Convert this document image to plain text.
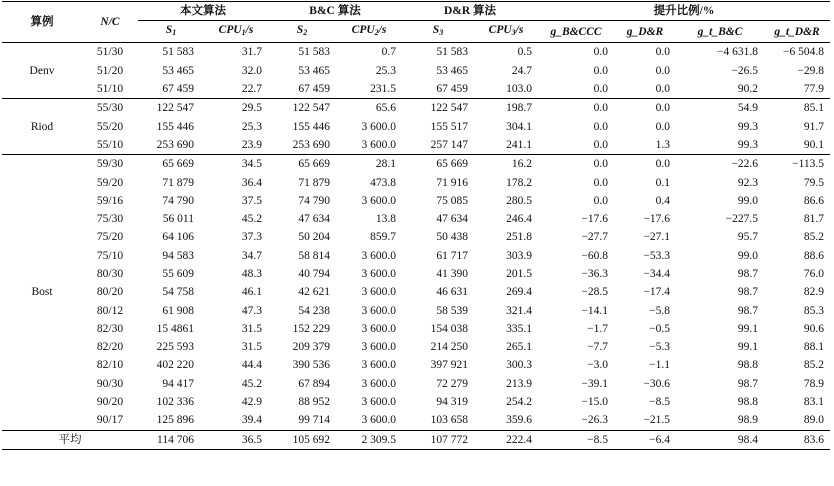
算例	N/C	本文算法		B&C 算法		D&R 算法		提升比例/%			
		$S_1$	$CPU_1/s$	$S_2$	$CPU_2/s$	$S_3$	$CPU_3/s$	g_B&CCC	g_D&R	g_t_B&C	g_t_D&R
Denv	51/30	51 583	31.7	51 583	0.7	51 583	0.5	0.0	0.0	−4 631.8	−6 504.8
	51/20	53 465	32.0	53 465	25.3	53 465	24.7	0.0	0.0	−26.5	−29.8
	51/10	67 459	22.7	67 459	231.5	67 459	103.0	0.0	0.0	90.2	77.9
Riod	55/30	122 547	29.5	122 547	65.6	122 547	198.7	0.0	0.0	54.9	85.1
	55/20	155 446	25.3	155 446	3 600.0	155 517	304.1	0.0	0.0	99.3	91.7
	55/10	253 690	23.9	253 690	3 600.0	257 147	241.1	0.0	1.3	99.3	90.1
Bost	59/30	65 669	34.5	65 669	28.1	65 669	16.2	0.0	0.0	−22.6	−113.5
	59/20	71 879	36.4	71 879	473.8	71 916	178.2	0.0	0.1	92.3	79.5
	59/16	74 790	37.5	74 790	3 600.0	75 085	280.5	0.0	0.4	99.0	86.6
	75/30	56 011	45.2	47 634	13.8	47 634	246.4	−17.6	−17.6	−227.5	81.7
	75/20	64 106	37.3	50 204	859.7	50 438	251.8	−27.7	−27.1	95.7	85.2
	75/10	94 583	34.7	58 814	3 600.0	61 717	303.9	−60.8	−53.3	99.0	88.6
	80/30	55 609	48.3	40 794	3 600.0	41 390	201.5	−36.3	−34.4	98.7	76.0
	80/20	54 758	46.1	42 621	3 600.0	46 631	269.4	−28.5	−17.4	98.7	82.9
	80/12	61 908	47.3	54 238	3 600.0	58 539	321.4	−14.1	−5.8	98.7	85.3
	82/30	15 4861	31.5	152 229	3 600.0	154 038	335.1	−1.7	−0.5	99.1	90.6
	82/20	225 593	31.5	209 379	3 600.0	214 250	265.1	−7.7	−5.3	99.1	88.1
	82/10	402 220	44.4	390 536	3 600.0	397 921	300.3	−3.0	−1.1	98.8	85.2
	90/30	94 417	45.2	67 894	3 600.0	72 279	213.9	−39.1	−30.6	98.7	78.9
	90/20	102 336	42.9	88 952	3 600.0	94 319	254.2	−15.0	−8.5	98.8	83.1
	90/17	125 896	39.4	99 714	3 600.0	103 658	359.6	−26.3	−21.5	98.9	89.0
平均		114 706	36.5	105 692	2 309.5	107 772	222.4	−8.5	−6.4	98.4	83.6
